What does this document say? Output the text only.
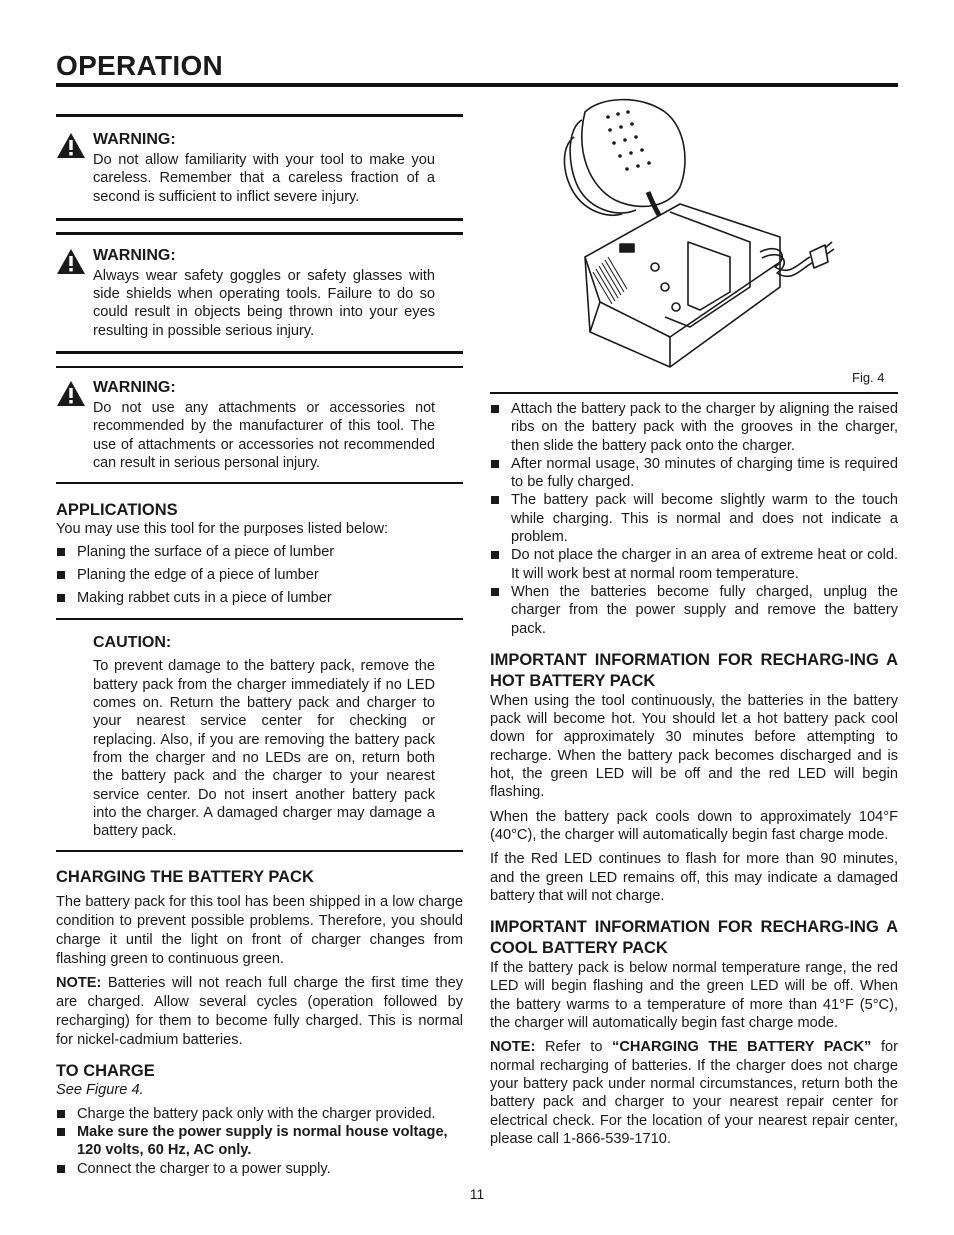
OPERATION

WARNING:

Do not allow familiarity with your tool to make you careless. Remember that a careless fraction of a second is sufficient to inflict severe injury.

WARNING:

Always wear safety goggles or safety glasses with side shields when operating tools. Failure to do so could result in objects being thrown into your eyes resulting in possible serious injury.

WARNING:

Do not use any attachments or accessories not recommended by the manufacturer of this tool. The use of attachments or accessories not recommended can result in serious personal injury.

APPLICATIONS

You may use this tool for the purposes listed below:

Planing the surface of a piece of lumber
Planing the edge of a piece of lumber
Making rabbet cuts in a piece of lumber

CAUTION:

To prevent damage to the battery pack, remove the battery pack from the charger immediately if no LED comes on. Return the battery pack and charger to your nearest service center for checking or replacing. Also, if you are removing the battery pack from the charger and no LEDs are on, return both the battery pack and the charger to your nearest service center. Do not insert another battery pack into the charger. A damaged charger may damage a battery pack.

CHARGING THE BATTERY PACK

The battery pack for this tool has been shipped in a low charge condition to prevent possible problems. Therefore, you should charge it until the light on front of charger changes from flashing green to continuous green.

NOTE: Batteries will not reach full charge the first time they are charged. Allow several cycles (operation followed by recharging) for them to become fully charged. This is normal for nickel-cadmium batteries.

TO CHARGE

See Figure 4.

Charge the battery pack only with the charger provided.
Make sure the power supply is normal house voltage, 120 volts, 60 Hz, AC only.
Connect the charger to a power supply.
Fig. 4
Attach the battery pack to the charger by aligning the raised ribs on the battery pack with the grooves in the charger, then slide the battery pack onto the charger.
After normal usage, 30 minutes of charging time is required to be fully charged.
The battery pack will become slightly warm to the touch while charging. This is normal and does not indicate a problem.
Do not place the charger in an area of extreme heat or cold. It will work best at normal room temperature.
When the batteries become fully charged, unplug the charger from the power supply and remove the battery pack.
IMPORTANT INFORMATION FOR RECHARG-ING A HOT BATTERY PACK

When using the tool continuously, the batteries in the battery pack will become hot. You should let a hot battery pack cool down for approximately 30 minutes before attempting to recharge. When the battery pack becomes discharged and is hot, the green LED will be off and the red LED will begin flashing.

When the battery pack cools down to approximately 104°F (40°C), the charger will automatically begin fast charge mode.

If the Red LED continues to flash for more than 90 minutes, and the green LED remains off, this may indicate a damaged battery that will not charge.

IMPORTANT INFORMATION FOR RECHARG-ING A COOL BATTERY PACK

If the battery pack is below normal temperature range, the red LED will begin flashing and the green LED will be off. When the battery warms to a temperature of more than 41°F (5°C), the charger will automatically begin fast charge mode.

NOTE: Refer to “CHARGING THE BATTERY PACK” for normal recharging of batteries. If the charger does not charge your battery pack under normal circumstances, return both the battery pack and charger to your nearest repair center for electrical check. For the location of your nearest repair center, please call 1-866-539-1710.

11
